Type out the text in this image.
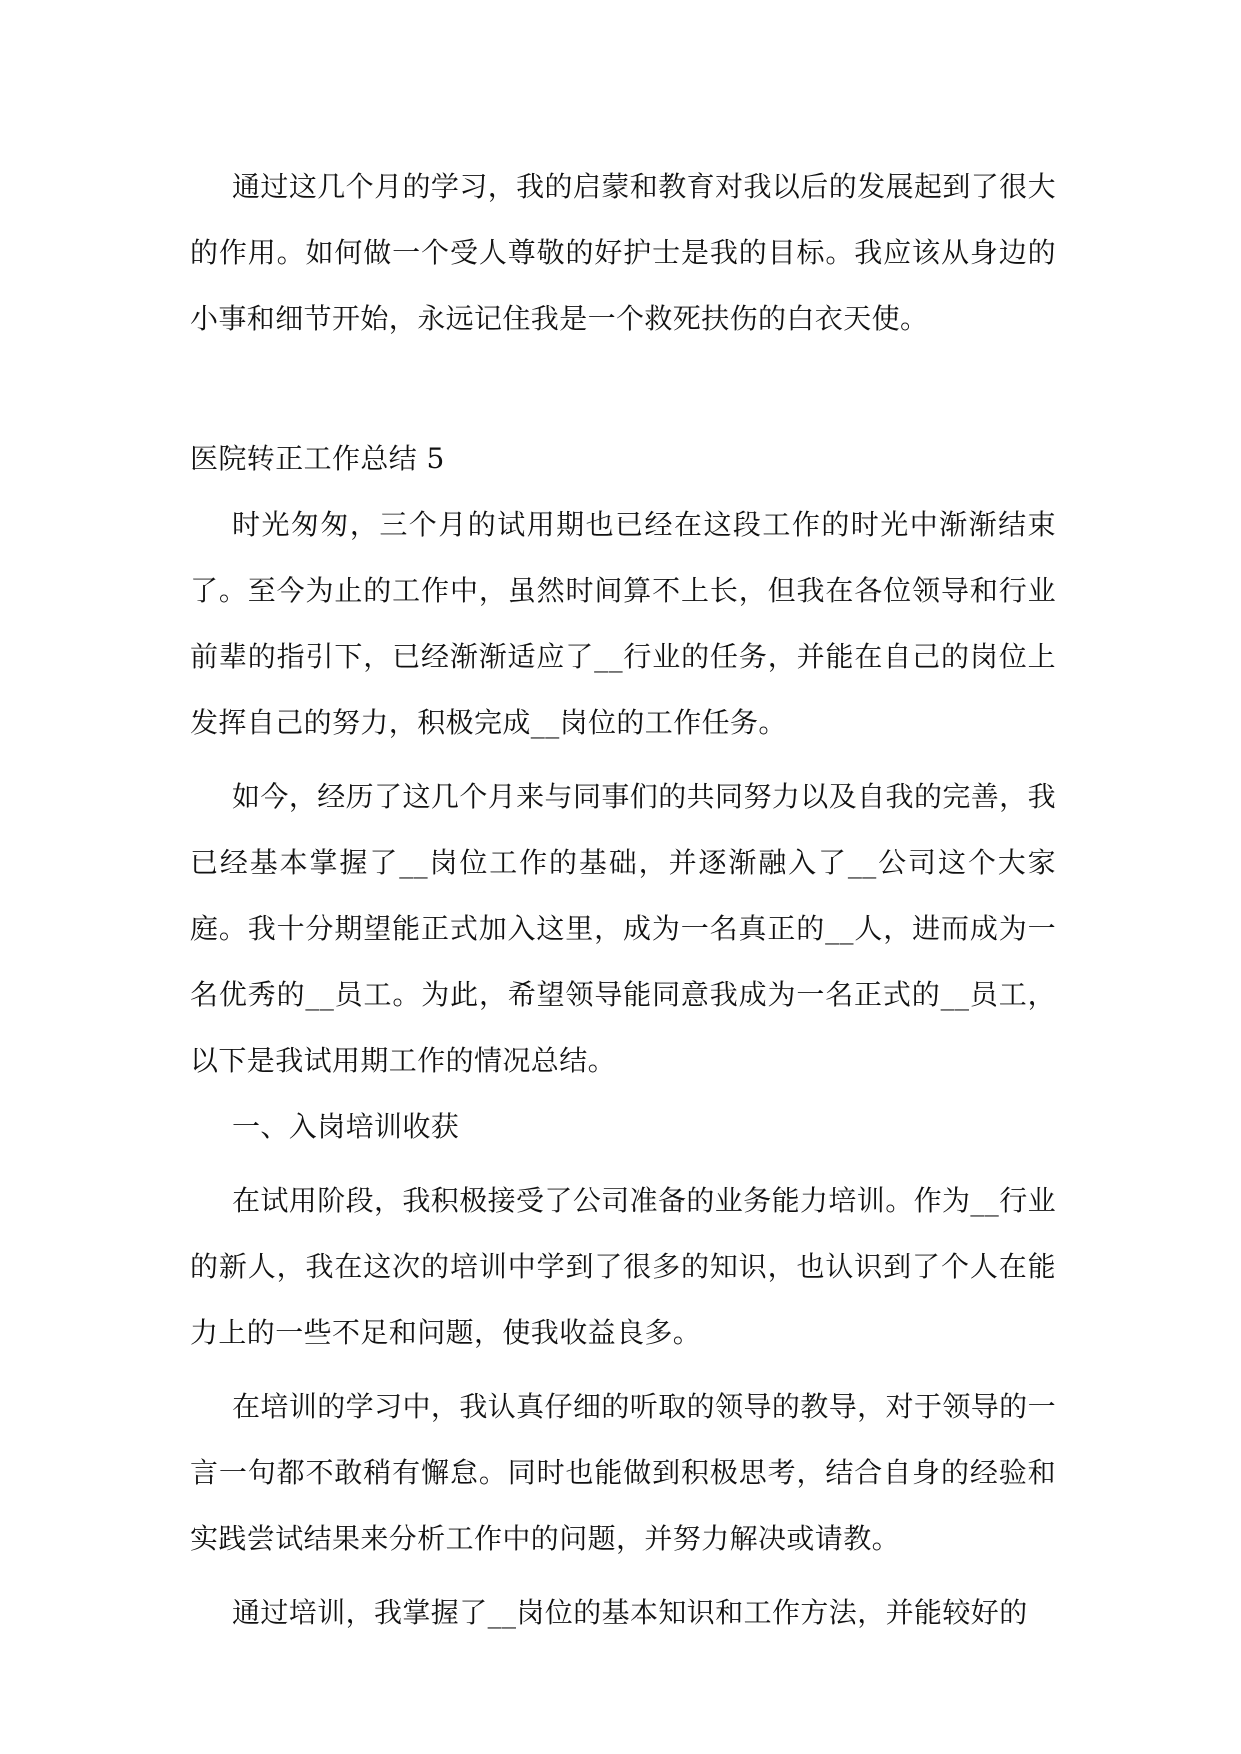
通过这几个月的学习，我的启蒙和教育对我以后的发展起到了很大的作用。如何做一个受人尊敬的好护士是我的目标。我应该从身边的小事和细节开始，永远记住我是一个救死扶伤的白衣天使。

医院转正工作总结 5

时光匆匆，三个月的试用期也已经在这段工作的时光中渐渐结束了。至今为止的工作中，虽然时间算不上长，但我在各位领导和行业前辈的指引下，已经渐渐适应了__行业的任务，并能在自己的岗位上发挥自己的努力，积极完成__岗位的工作任务。

如今，经历了这几个月来与同事们的共同努力以及自我的完善，我已经基本掌握了__岗位工作的基础，并逐渐融入了__公司这个大家庭。我十分期望能正式加入这里，成为一名真正的__人，进而成为一名优秀的__员工。为此，希望领导能同意我成为一名正式的__员工，以下是我试用期工作的情况总结。

一、入岗培训收获

在试用阶段，我积极接受了公司准备的业务能力培训。作为__行业的新人，我在这次的培训中学到了很多的知识，也认识到了个人在能力上的一些不足和问题，使我收益良多。

在培训的学习中，我认真仔细的听取的领导的教导，对于领导的一言一句都不敢稍有懈怠。同时也能做到积极思考，结合自身的经验和实践尝试结果来分析工作中的问题，并努力解决或请教。

通过培训，我掌握了__岗位的基本知识和工作方法，并能较好的
